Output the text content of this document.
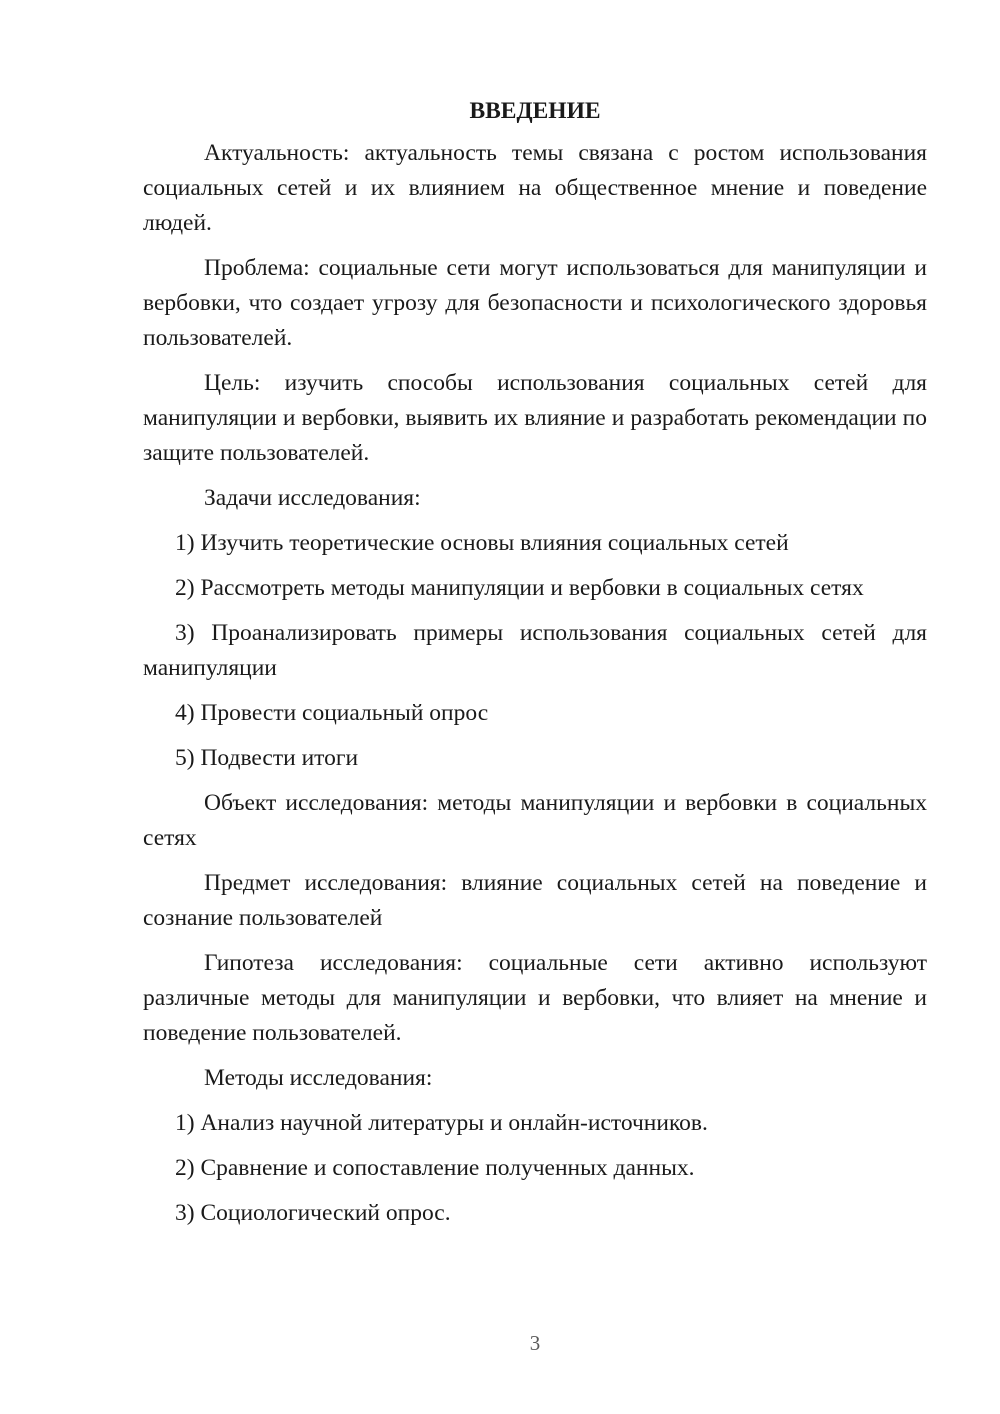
ВВЕДЕНИЕ

Актуальность: актуальность темы связана с ростом использования социальных сетей и их влиянием на общественное мнение и поведение людей.

Проблема: социальные сети могут использоваться для манипуляции и вербовки, что создает угрозу для безопасности и психологического здоровья пользователей.

Цель: изучить способы использования социальных сетей для манипуляции и вербовки, выявить их влияние и разработать рекомендации по защите пользователей.

Задачи исследования:

1) Изучить теоретические основы влияния социальных сетей

2) Рассмотреть методы манипуляции и вербовки в социальных сетях

3) Проанализировать примеры использования социальных сетей для манипуляции

4) Провести социальный опрос

5) Подвести итоги

Объект исследования: методы манипуляции и вербовки в социальных сетях

Предмет исследования: влияние социальных сетей на поведение и сознание пользователей

Гипотеза исследования: социальные сети активно используют различные методы для манипуляции и вербовки, что влияет на мнение и поведение пользователей.

Методы исследования:

1) Анализ научной литературы и онлайн-источников.

2) Сравнение и сопоставление полученных данных.

3) Социологический опрос.

3
